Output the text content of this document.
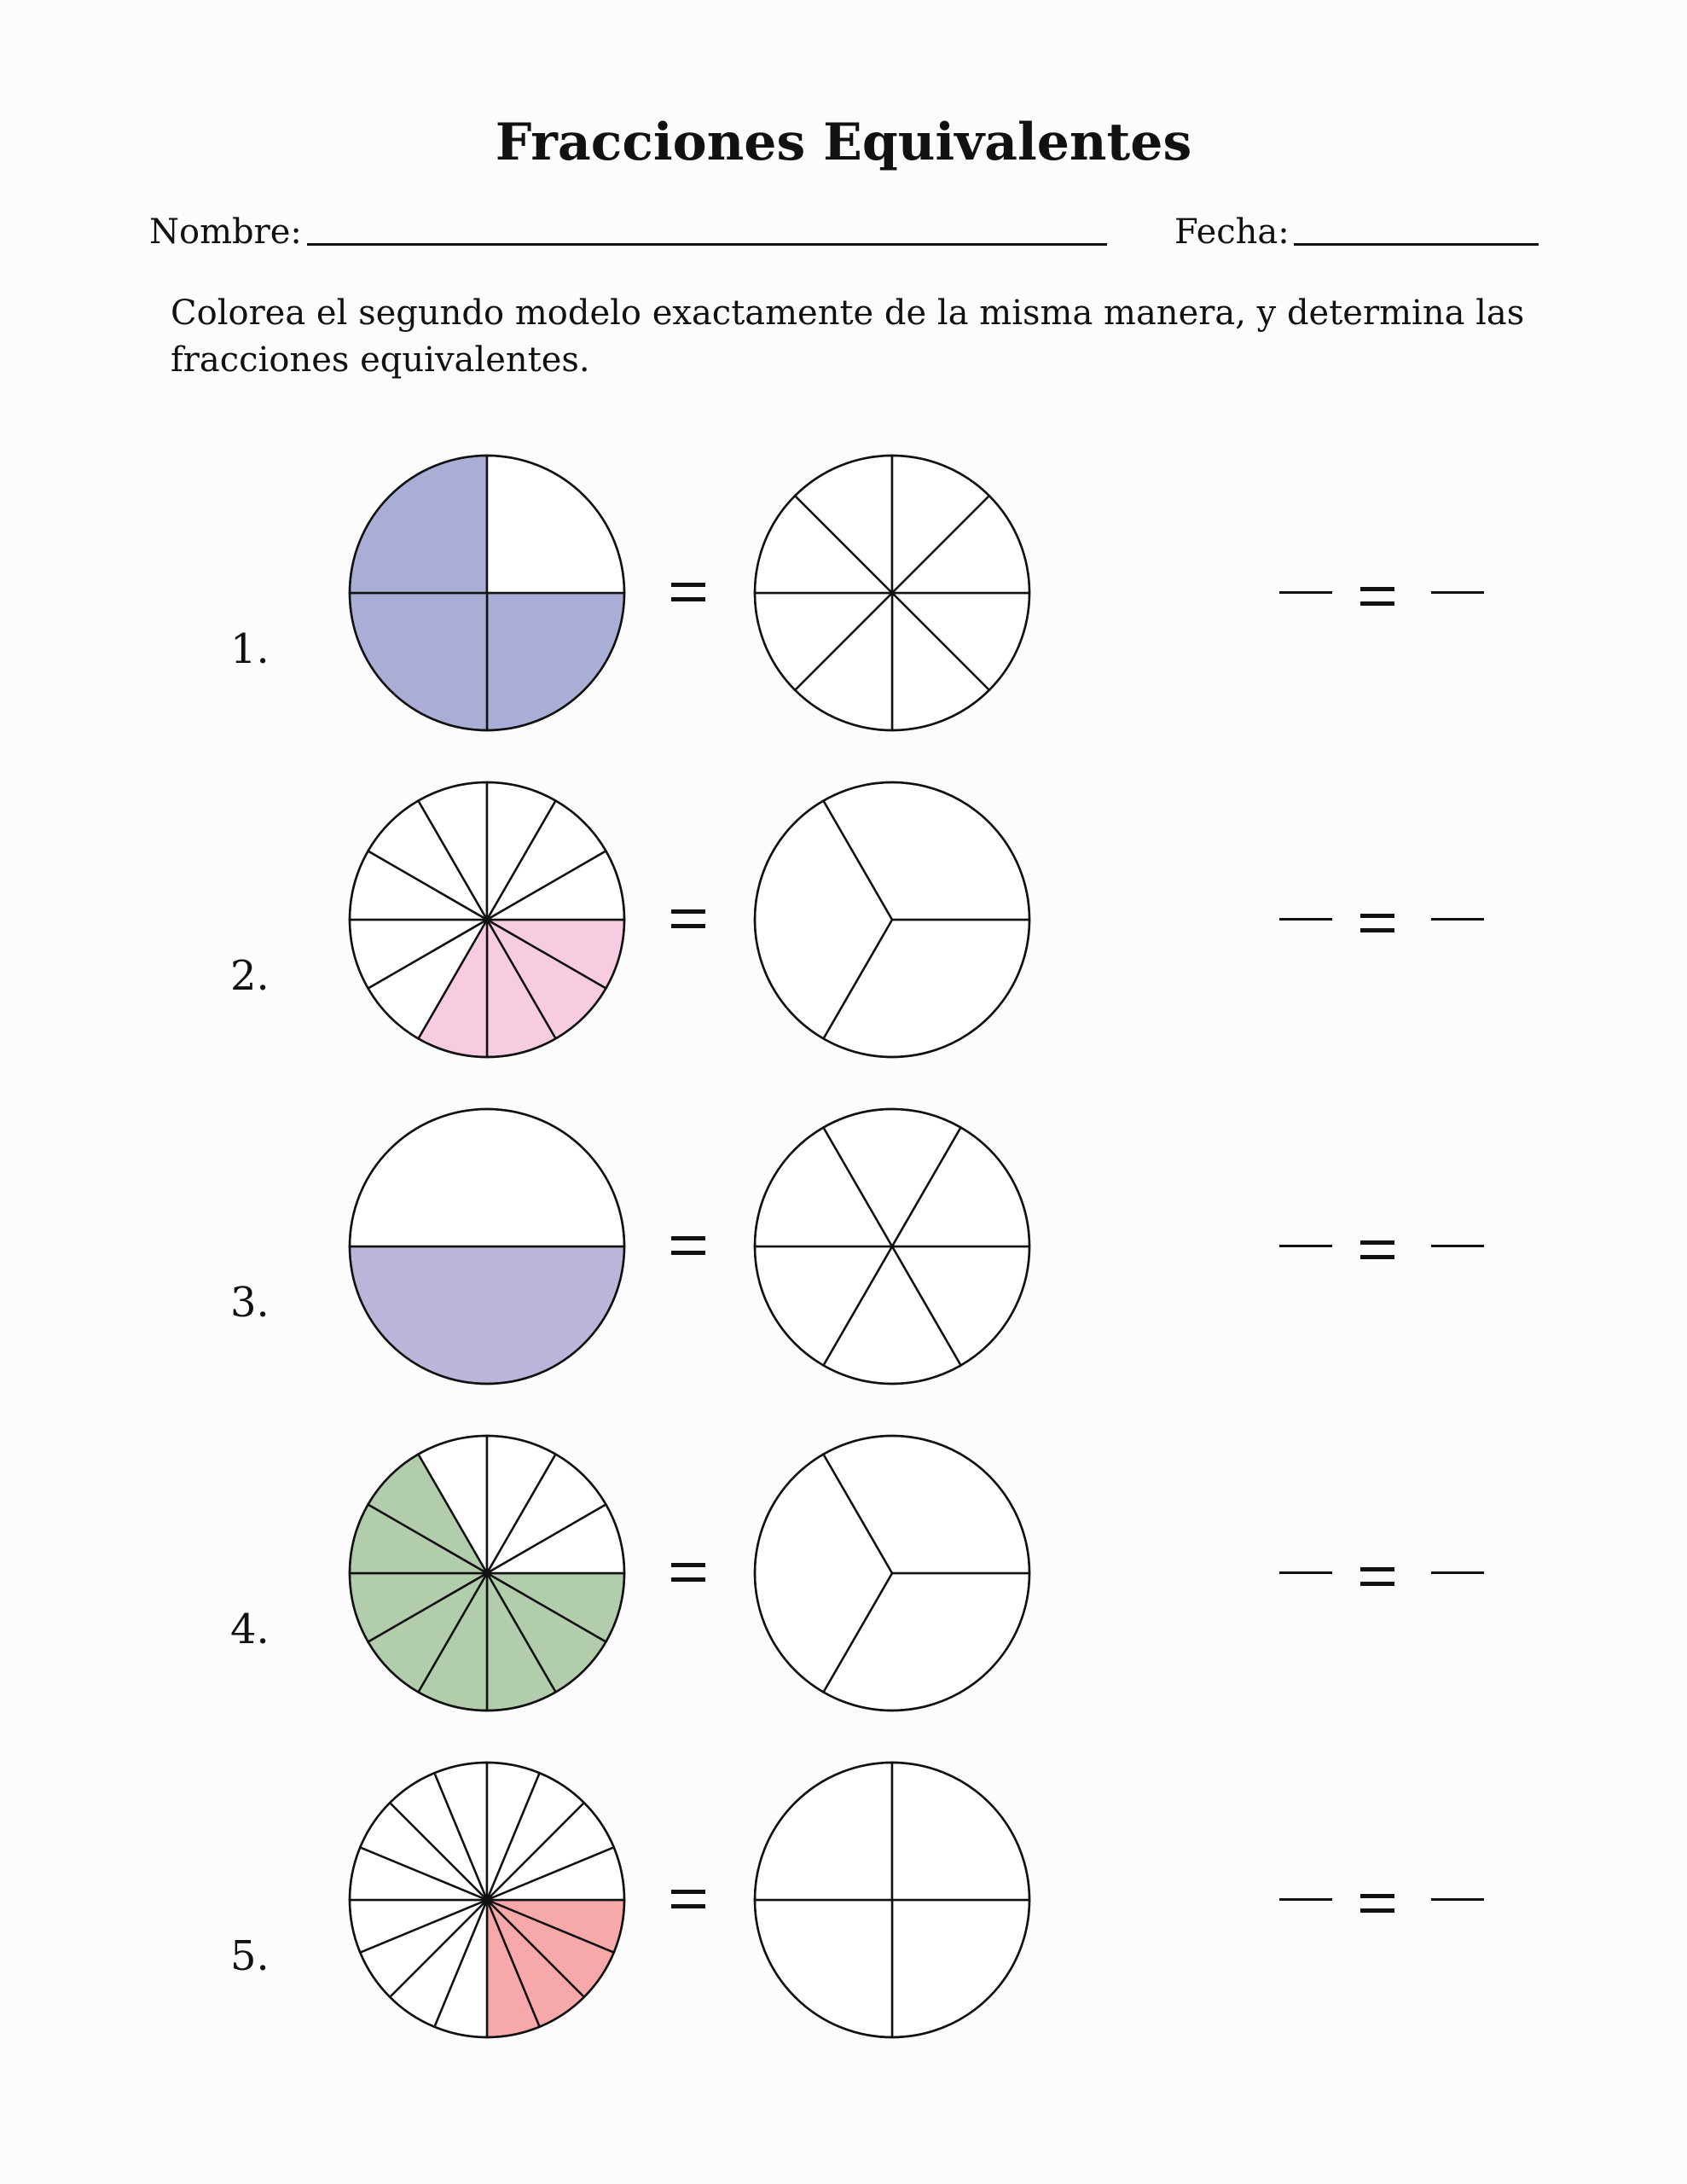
Fracciones Equivalentes
Nombre:	Fecha:
Colorea el segundo modelo exactamente de la misma manera, y determina las fracciones equivalentes.
1.
2.
3.
4.
5.
